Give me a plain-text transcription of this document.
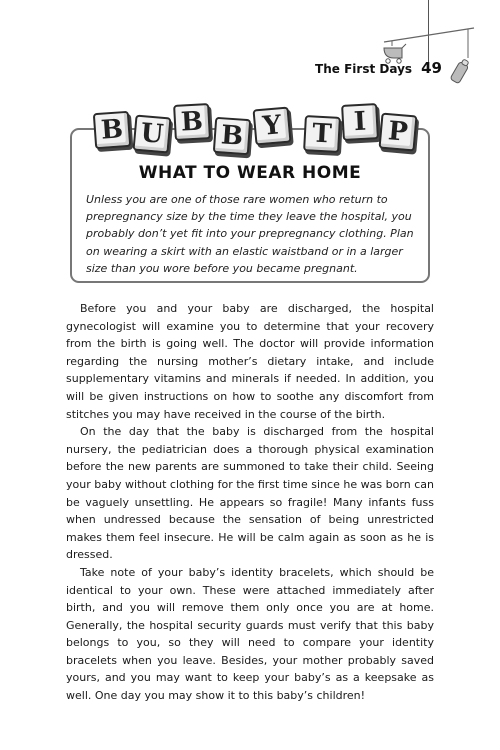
The First Days 49
B U B B Y	T I P
WHAT TO WEAR HOME
Unless you are one of those rare women who return to prepregnancy size by the time they leave the hospital, you probably don’t yet fit into your prepregnancy clothing. Plan on wearing a skirt with an elastic waistband or in a larger size than you wore before you became pregnant.

Before you and your baby are discharged, the hospital gynecologist will examine you to determine that your recovery from the birth is going well. The doctor will provide information regarding the nursing mother’s dietary intake, and include supplementary vitamins and minerals if needed. In addition, you will be given instructions on how to soothe any discomfort from stitches you may have received in the course of the birth.

On the day that the baby is discharged from the hospital nursery, the pediatrician does a thorough physical examination before the new parents are summoned to take their child. Seeing your baby without clothing for the first time since he was born can be vaguely unsettling. He appears so fragile! Many infants fuss when undressed because the sensation of being unrestricted makes them feel insecure. He will be calm again as soon as he is dressed.

Take note of your baby’s identity bracelets, which should be identical to your own. These were attached immediately after birth, and you will remove them only once you are at home. Generally, the hospital security guards must verify that this baby belongs to you, so they will need to compare your identity bracelets when you leave. Besides, your mother probably saved yours, and you may want to keep your baby’s as a keepsake as well. One day you may show it to this baby’s children!
